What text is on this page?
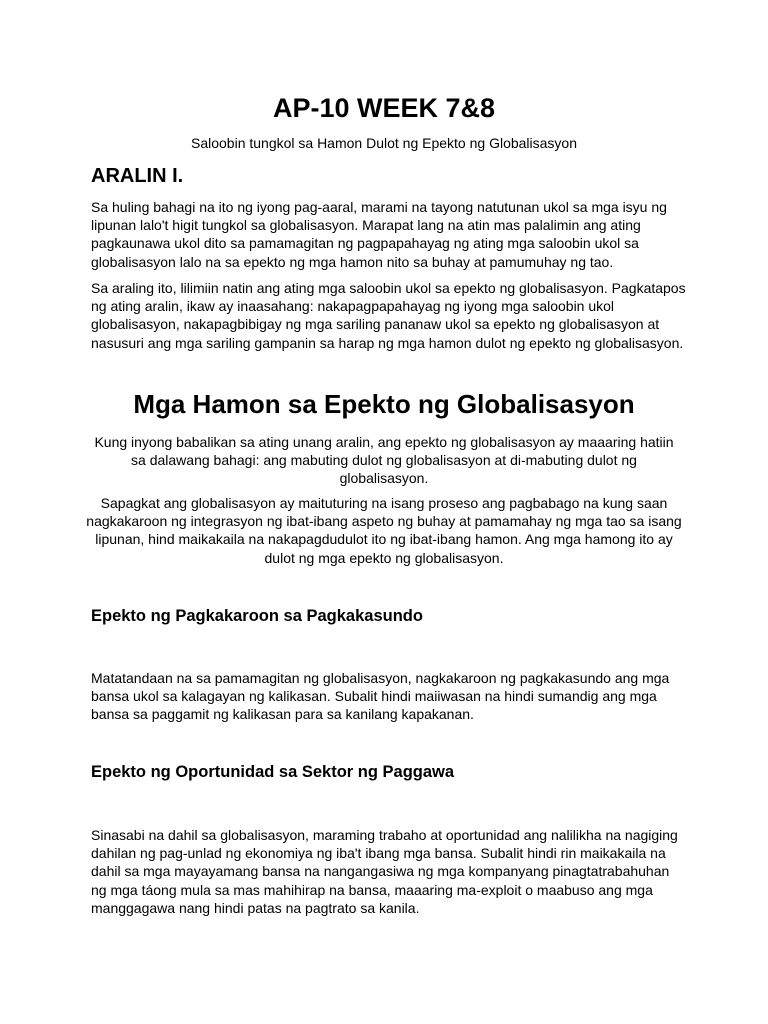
AP-10 WEEK 7&8

Saloobin tungkol sa Hamon Dulot ng Epekto ng Globalisasyon

ARALIN I.

Sa huling bahagi na ito ng iyong pag-aaral, marami na tayong natutunan ukol sa mga isyu ng
lipunan lalo't higit tungkol sa globalisasyon. Marapat lang na atin mas palalimin ang ating
pagkaunawa ukol dito sa pamamagitan ng pagpapahayag ng ating mga saloobin ukol sa
globalisasyon lalo na sa epekto ng mga hamon nito sa buhay at pamumuhay ng tao.

Sa araling ito, lilimiin natin ang ating mga saloobin ukol sa epekto ng globalisasyon. Pagkatapos
ng ating aralin, ikaw ay inaasahang: nakapagpapahayag ng iyong mga saloobin ukol
globalisasyon, nakapagbibigay ng mga sariling pananaw ukol sa epekto ng globalisasyon at
nasusuri ang mga sariling gampanin sa harap ng mga hamon dulot ng epekto ng globalisasyon.

Mga Hamon sa Epekto ng Globalisasyon

Kung inyong babalikan sa ating unang aralin, ang epekto ng globalisasyon ay maaaring hatiin
sa dalawang bahagi: ang mabuting dulot ng globalisasyon at di-mabuting dulot ng
globalisasyon.

Sapagkat ang globalisasyon ay maituturing na isang proseso ang pagbabago na kung saan
nagkakaroon ng integrasyon ng ibat-ibang aspeto ng buhay at pamamahay ng mga tao sa isang
lipunan, hind maikakaila na nakapagdudulot ito ng ibat-ibang hamon. Ang mga hamong ito ay
dulot ng mga epekto ng globalisasyon.

Epekto ng Pagkakaroon sa Pagkakasundo

Matatandaan na sa pamamagitan ng globalisasyon, nagkakaroon ng pagkakasundo ang mga
bansa ukol sa kalagayan ng kalikasan. Subalit hindi maiiwasan na hindi sumandig ang mga
bansa sa paggamit ng kalikasan para sa kanilang kapakanan.

Epekto ng Oportunidad sa Sektor ng Paggawa

Sinasabi na dahil sa globalisasyon, maraming trabaho at oportunidad ang nalilikha na nagiging
dahilan ng pag-unlad ng ekonomiya ng iba't ibang mga bansa. Subalit hindi rin maikakaila na
dahil sa mga mayayamang bansa na nangangasiwa ng mga kompanyang pinagtatrabahuhan
ng mga táong mula sa mas mahihirap na bansa, maaaring ma-exploit o maabuso ang mga
manggagawa nang hindi patas na pagtrato sa kanila.
